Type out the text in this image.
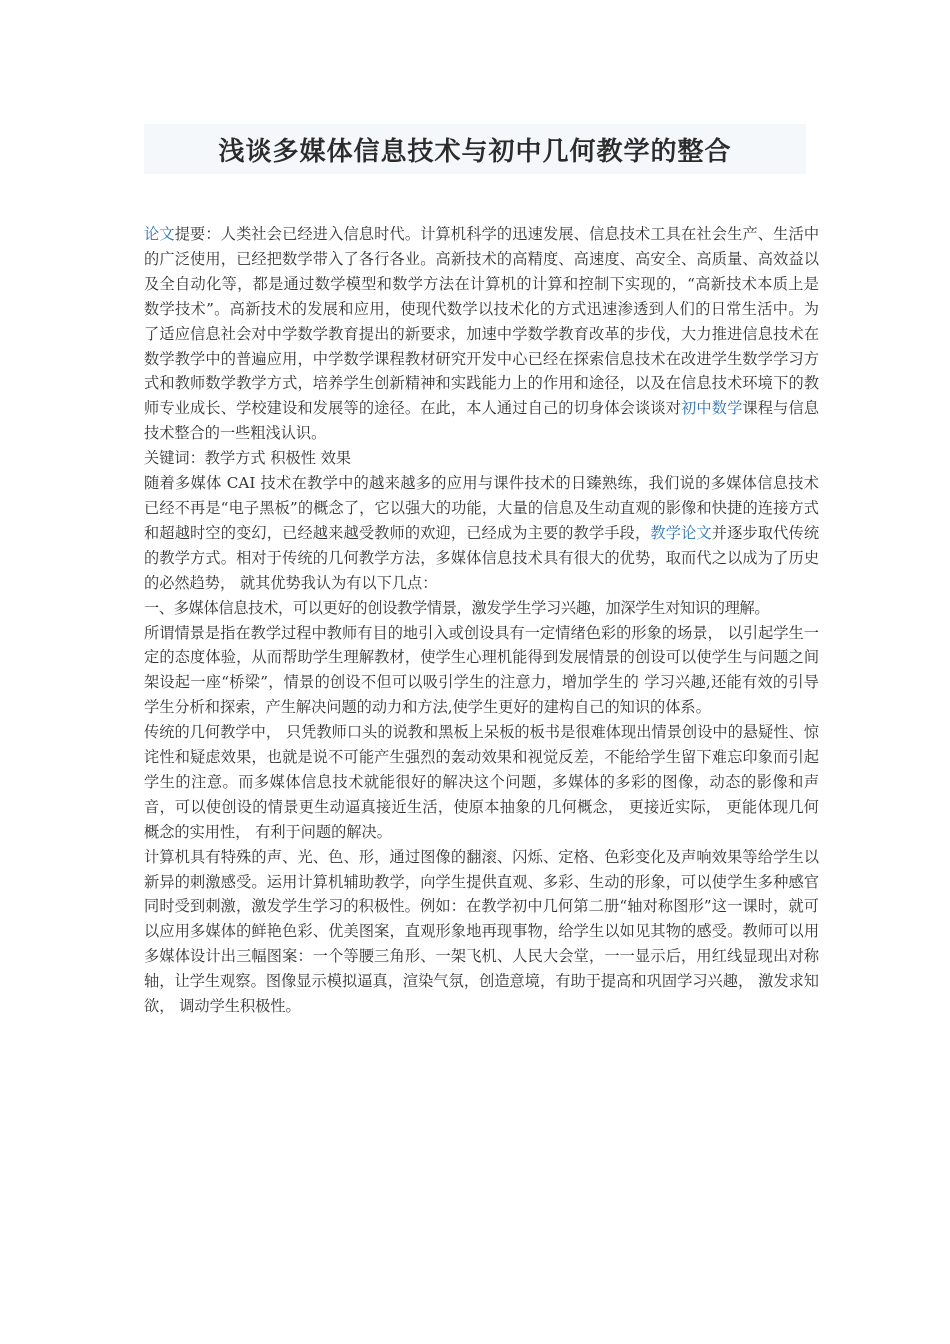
浅谈多媒体信息技术与初中几何教学的整合

论文提要：人类社会已经进入信息时代。计算机科学的迅速发展、信息技术工具在社会生产、生活中的广泛使用，已经把数学带入了各行各业。高新技术的高精度、高速度、高安全、高质量、高效益以及全自动化等，都是通过数学模型和数学方法在计算机的计算和控制下实现的，“高新技术本质上是数学技术”。高新技术的发展和应用，使现代数学以技术化的方式迅速渗透到人们的日常生活中。为了适应信息社会对中学数学教育提出的新要求，加速中学数学教育改革的步伐，大力推进信息技术在数学教学中的普遍应用，中学数学课程教材研究开发中心已经在探索信息技术在改进学生数学学习方式和教师数学教学方式，培养学生创新精神和实践能力上的作用和途径，以及在信息技术环境下的教师专业成长、学校建设和发展等的途径。在此，本人通过自己的切身体会谈谈对初中数学课程与信息技术整合的一些粗浅认识。

关键词：教学方式 积极性 效果

随着多媒体 CAI 技术在教学中的越来越多的应用与课件技术的日臻熟练，我们说的多媒体信息技术已经不再是“电子黑板”的概念了，它以强大的功能，大量的信息及生动直观的影像和快捷的连接方式和超越时空的变幻，已经越来越受教师的欢迎，已经成为主要的教学手段，教学论文并逐步取代传统的教学方式。相对于传统的几何教学方法，多媒体信息技术具有很大的优势，取而代之以成为了历史的必然趋势， 就其优势我认为有以下几点：

一、多媒体信息技术，可以更好的创设教学情景，激发学生学习兴趣，加深学生对知识的理解。

所谓情景是指在教学过程中教师有目的地引入或创设具有一定情绪色彩的形象的场景， 以引起学生一定的态度体验，从而帮助学生理解教材，使学生心理机能得到发展情景的创设可以使学生与问题之间架设起一座“桥梁”，情景的创设不但可以吸引学生的注意力，增加学生的 学习兴趣,还能有效的引导学生分析和探索，产生解决问题的动力和方法,使学生更好的建构自己的知识的体系。

传统的几何教学中， 只凭教师口头的说教和黑板上呆板的板书是很难体现出情景创设中的悬疑性、惊诧性和疑虑效果，也就是说不可能产生强烈的轰动效果和视觉反差，不能给学生留下难忘印象而引起学生的注意。而多媒体信息技术就能很好的解决这个问题，多媒体的多彩的图像，动态的影像和声音，可以使创设的情景更生动逼真接近生活，使原本抽象的几何概念， 更接近实际， 更能体现几何概念的实用性， 有利于问题的解决。

计算机具有特殊的声、光、色、形，通过图像的翻滚、闪烁、定格、色彩变化及声响效果等给学生以新异的刺激感受。运用计算机辅助教学，向学生提供直观、多彩、生动的形象，可以使学生多种感官同时受到刺激，激发学生学习的积极性。例如：在教学初中几何第二册“轴对称图形”这一课时，就可以应用多媒体的鲜艳色彩、优美图案，直观形象地再现事物，给学生以如见其物的感受。教师可以用多媒体设计出三幅图案：一个等腰三角形、一架飞机、人民大会堂，一一显示后，用红线显现出对称轴，让学生观察。图像显示模拟逼真，渲染气氛，创造意境，有助于提高和巩固学习兴趣， 激发求知欲， 调动学生积极性。
